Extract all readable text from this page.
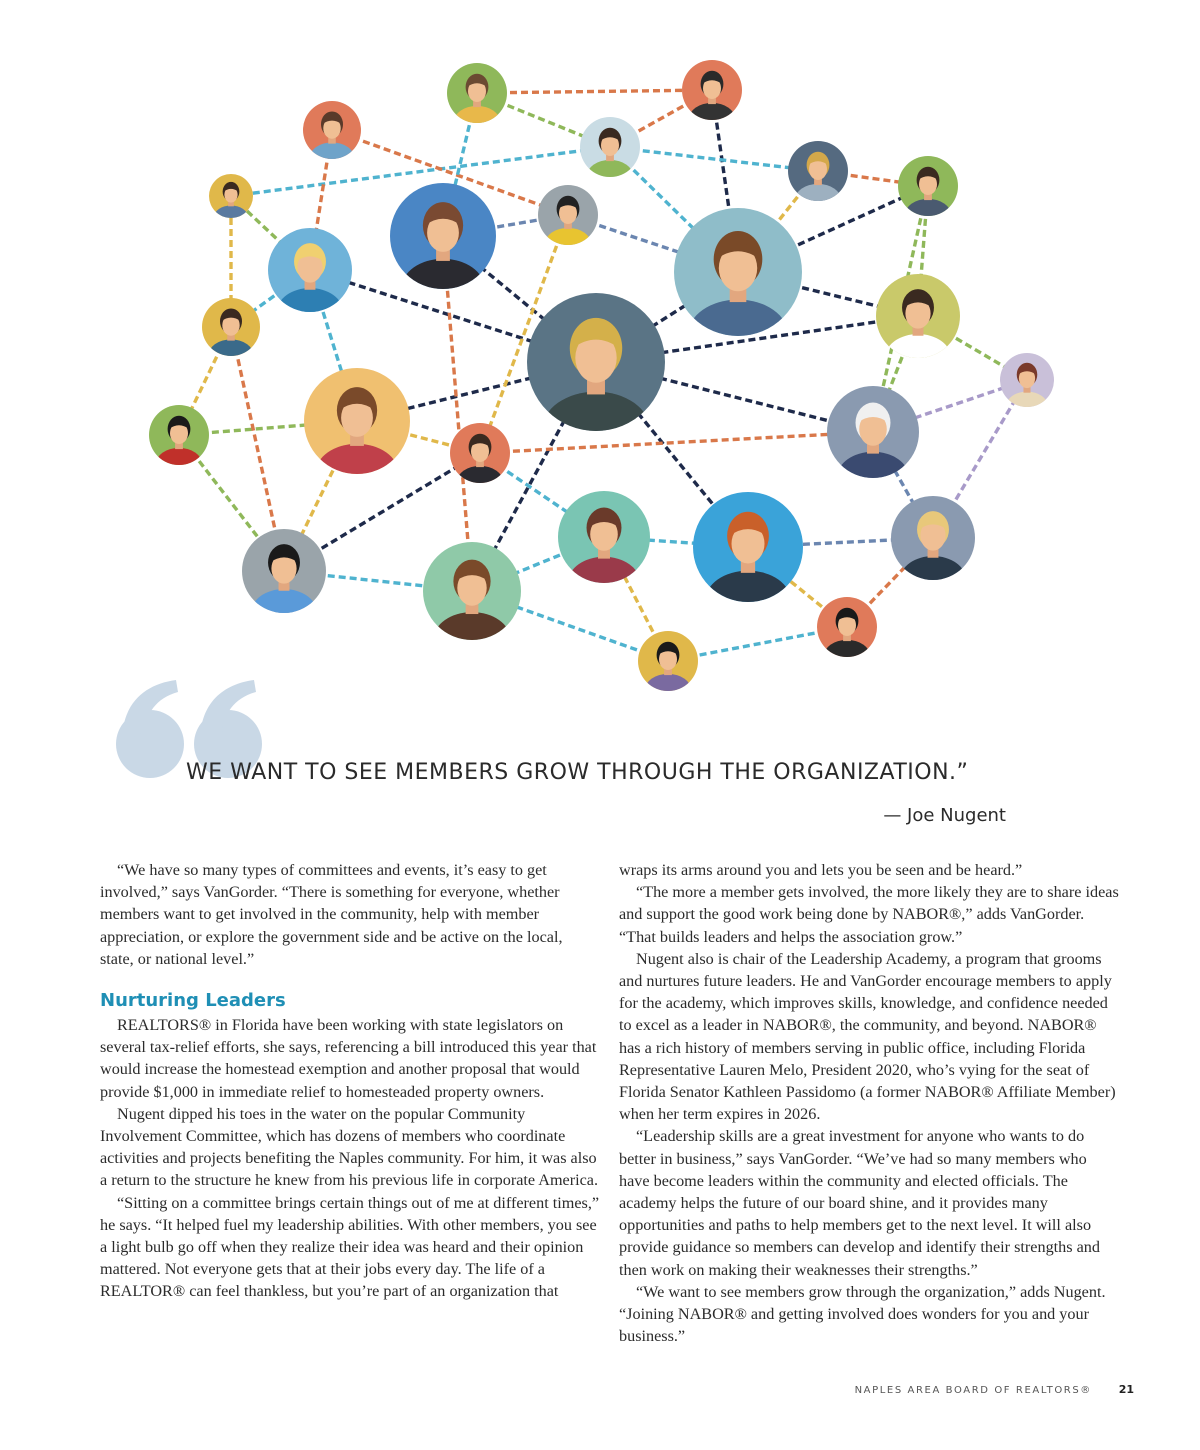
WE WANT TO SEE MEMBERS GROW THROUGH THE ORGANIZATION.”
— Joe Nugent

“We have so many types of committees and events, it’s easy to get involved,” says VanGorder. “There is something for everyone, whether members want to get involved in the community, help with member appreciation, or explore the government side and be active on the local, state, or national level.”

Nurturing Leaders

REALTORS® in Florida have been working with state legislators on several tax-relief efforts, she says, referencing a bill introduced this year that would increase the homestead exemption and another proposal that would provide $1,000 in immediate relief to homesteaded property owners.

Nugent dipped his toes in the water on the popular Community Involvement Committee, which has dozens of members who coordinate activities and projects benefiting the Naples community. For him, it was also a return to the structure he knew from his previous life in corporate America.

“Sitting on a committee brings certain things out of me at different times,” he says. “It helped fuel my leadership abilities. With other members, you see a light bulb go off when they realize their idea was heard and their opinion mattered. Not everyone gets that at their jobs every day. The life of a REALTOR® can feel thankless, but you’re part of an organization that

wraps its arms around you and lets you be seen and be heard.”

“The more a member gets involved, the more likely they are to share ideas and support the good work being done by NABOR®,” adds VanGorder. “That builds leaders and helps the association grow.”

Nugent also is chair of the Leadership Academy, a program that grooms and nurtures future leaders. He and VanGorder encourage members to apply for the academy, which improves skills, knowledge, and confidence needed to excel as a leader in NABOR®, the community, and beyond. NABOR® has a rich history of members serving in public office, including Florida Representative Lauren Melo, President 2020, who’s vying for the seat of Florida Senator Kathleen Passidomo (a former NABOR® Affiliate Member) when her term expires in 2026.

“Leadership skills are a great investment for anyone who wants to do better in business,” says VanGorder. “We’ve had so many members who have become leaders within the community and elected officials. The academy helps the future of our board shine, and it provides many opportunities and paths to help members get to the next level. It will also provide guidance so members can develop and identify their strengths and then work on making their weaknesses their strengths.”

“We want to see members grow through the organization,” adds Nugent. “Joining NABOR® and getting involved does wonders for you and your business.”

NAPLES AREA BOARD OF REALTORS® 21
